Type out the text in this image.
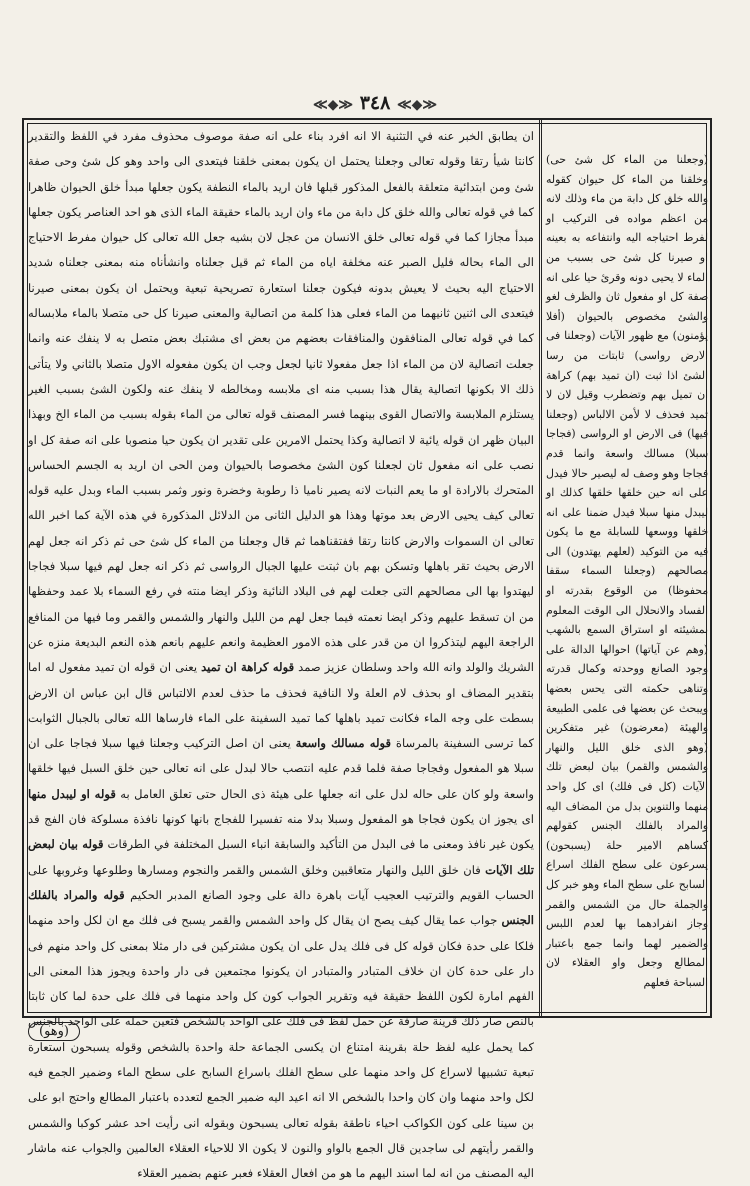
≪◆≫ ٣٤٨ ≪◆≫

ان يطابق الخبر عنه في التثنية الا انه افرد بناء على انه صفة موصوف محذوف مفرد في اللفظ والتقدير كانتا شيأ رتقا وقوله تعالى وجعلنا يحتمل ان يكون بمعنى خلقنا فيتعدى الى واحد وهو كل شئ وحى صفة شئ ومن ابتدائية متعلقة بالفعل المذكور قبلها فان اريد بالماء النطفة يكون جعلها مبدأ خلق الحيوان ظاهرا كما في قوله تعالى والله خلق كل دابة من ماء وان اريد بالماء حقيقة الماء الذى هو احد العناصر يكون جعلها مبدأ مجازا كما في قوله تعالى خلق الانسان من عجل لان بشيه جعل الله تعالى كل حيوان مفرط الاحتياج الى الماء بحاله فليل الصبر عنه مخلفة اياه من الماء ثم قيل جعلناه وانشأناه منه بمعنى جعلناه شديد الاحتياج اليه بحيث لا يعيش بدونه فيكون جعلنا استعارة تصريحية تبعية ويحتمل ان يكون بمعنى صيرنا فيتعدى الى اثنين ثانيهما من الماء فعلى هذا كلمة من اتصالية والمعنى صيرنا كل حى متصلا بالماء ملابساله كما في قوله تعالى المنافقون والمنافقات بعضهم من بعض اى مشتبك بعض متصل به لا ينفك عنه وانما جعلت اتصالية لان من الماء اذا جعل مفعولا ثانيا لجعل وجب ان يكون مفعوله الاول متصلا بالثاني ولا يتأتى ذلك الا بكونها اتصالية يقال هذا بسبب منه اى ملابسه ومخالطه لا ينفك عنه ولكون الشئ بسبب الغير يستلزم الملابسة والاتصال القوى بينهما فسر المصنف قوله تعالى من الماء بقوله بسبب من الماء الخ وبهذا البيان ظهر ان قوله يائية لا اتصالية وكذا يحتمل الامرين على تقدير ان يكون حيا منصوبا على انه صفة كل او نصب على انه مفعول ثان لجعلنا كون الشئ مخصوصا بالحيوان ومن الحى ان اريد به الجسم الحساس المتحرك بالارادة او ما يعم النبات لانه يصير ناميا ذا رطوبة وخضرة ونور وثمر بسبب الماء وبدل عليه قوله تعالى كيف يحيى الارض بعد موتها وهذا هو الدليل الثانى من الدلائل المذكورة في هذه الآية كما اخبر الله تعالى ان السموات والارض كانتا رتقا ففتقناهما ثم قال وجعلنا من الماء كل شئ حى ثم ذكر انه جعل لهم الارض بحيث تقر باهلها وتسكن بهم بان ثبتت عليها الجبال الرواسى ثم ذكر انه جعل لهم فيها سبلا فجاجا ليهتدوا بها الى مصالحهم التى جعلت لهم فى البلاد النائية وذكر ايضا منته في رفع السماء بلا عمد وحفظها من ان تسقط عليهم وذكر ايضا نعمته فيما جعل لهم من الليل والنهار والشمس والقمر وما فيها من المنافع الراجعة اليهم ليتذكروا ان من قدر على هذه الامور العظيمة وانعم عليهم بانعم هذه النعم البديعة منزه عن الشريك والولد وانه الله واحد وسلطان عزيز صمد قوله كراهة ان تميد يعنى ان قوله ان تميد مفعول له اما بتقدير المضاف او بحذف لام العلة ولا النافية فحذف ما حذف لعدم الالتباس قال ابن عباس ان الارض بسطت على وجه الماء فكانت تميد باهلها كما تميد السفينة على الماء فارساها الله تعالى بالجبال الثوابت كما ترسى السفينة بالمرساة قوله مسالك واسعة يعنى ان اصل التركيب وجعلنا فيها سبلا فجاجا على ان سبلا هو المفعول وفجاجا صفة فلما قدم عليه انتصب حالا لبدل على انه تعالى حين خلق السبل فيها خلقها واسعة ولو كان على حاله لدل على انه جعلها على هيئة ذى الحال حتى تعلق العامل به قوله او ليبدل منها اى يجوز ان يكون فجاجا هو المفعول وسبلا بدلا منه تفسيرا للفجاج بانها كونها نافذة مسلوكة فان الفج قد يكون غير نافذ ومعنى ما فى البدل من التأكيد والسابقة انباء السبل المختلفة في الطرقات قوله بيان لبعض تلك الآيات فان خلق الليل والنهار متعاقبين وخلق الشمس والقمر والنجوم ومسارها وطلوعها وغروبها على الحساب القويم والترتيب العجيب آيات باهرة دالة على وجود الصانع المدبر الحكيم قوله والمراد بالفلك الجنس جواب عما يقال كيف يصح ان يقال كل واحد الشمس والقمر يسبح فى فلك مع ان لكل واحد منهما فلكا على حدة فكان قوله كل فى فلك يدل على ان يكون مشتركين فى دار مثلا بمعنى كل واحد منهم فى دار على حدة كان ان خلاف المتبادر والمتبادر ان يكونوا مجتمعين فى دار واحدة ويجوز هذا المعنى الى الفهم امارة لكون اللفظ حقيقة فيه وتقرير الجواب كون كل واحد منهما فى فلك على حدة لما كان ثابتا بالنص صار ذلك قرينة صارفة عن حمل لفظ فى فلك على الواحد بالشخص فتعين حمله على الواحد بالجنس كما يحمل عليه لفظ حلة بقرينة امتناع ان يكسى الجماعة حلة واحدة بالشخص وقوله يسبحون استعارة تبعية تشبيها لاسراع كل واحد منهما على سطح الفلك باسراع السابح على سطح الماء وضمير الجمع فيه لكل واحد منهما وان كان واحدا بالشخص الا انه اعيد اليه ضمير الجمع لتعدده باعتبار المطالع واحتج ابو على بن سينا على كون الكواكب احياء ناطقة بقوله تعالى يسبحون وبقوله انى رأيت احد عشر كوكبا والشمس والقمر رأيتهم لى ساجدين قال الجمع بالواو والنون لا يكون الا للاحياء العقلاء العالمين والجواب عنه ماشار اليه المصنف من انه لما اسند اليهم ما هو من افعال العقلاء فعبر عنهم بضمير العقلاء

(وجعلنا من الماء كل شئ حى) وخلقنا من الماء كل حيوان كقوله والله خلق كل دابة من ماء وذلك لانه من اعظم مواده فى التركيب او لفرط احتياجه اليه وانتفاعه به بعينه او صيرنا كل شئ حى بسبب من الماء لا يحيى دونه وقرئ حيا على انه صفة كل او مفعول ثان والظرف لغو والشئ مخصوص بالحيوان (أفلا يؤمنون) مع ظهور الآيات (وجعلنا فى الارض رواسى) ثابتات من رسا الشئ اذا ثبت (ان تميد بهم) كراهة ان تميل بهم وتضطرب وقيل لان لا تميد فحذف لا لأمن الالباس (وجعلنا فيها) فى الارض او الرواسى (فجاجا سبلا) مسالك واسعة وانما قدم فجاجا وهو وصف له ليصير حالا فيدل على انه حين خلقها خلقها كذلك او ليبدل منها سبلا فيدل ضمنا على انه خلقها ووسعها للسابلة مع ما يكون فيه من التوكيد (لعلهم يهتدون) الى مصالحهم (وجعلنا السماء سقفا محفوظا) من الوقوع بقدرته او الفساد والانحلال الى الوقت المعلوم بمشيئته او استراق السمع بالشهب (وهم عن آياتها) احوالها الدالة على وجود الصانع ووحدته وكمال قدرته وتناهى حكمته التى يحس بعضها ويبحث عن بعضها فى علمى الطبيعة والهيئة (معرضون) غير متفكرين (وهو الذى خلق الليل والنهار والشمس والقمر) بيان لبعض تلك الآيات (كل فى فلك) اى كل واحد منهما والتنوين بدل من المضاف اليه والمراد بالفلك الجنس كقولهم كساهم الامير حلة (يسبحون) يسرعون على سطح الفلك اسراع السابح على سطح الماء وهو خبر كل والجملة حال من الشمس والقمر وجاز انفرادهما بها لعدم اللبس والضمير لهما وانما جمع باعتبار المطالع وجعل واو العقلاء لان السباحة فعلهم

(وهو)
